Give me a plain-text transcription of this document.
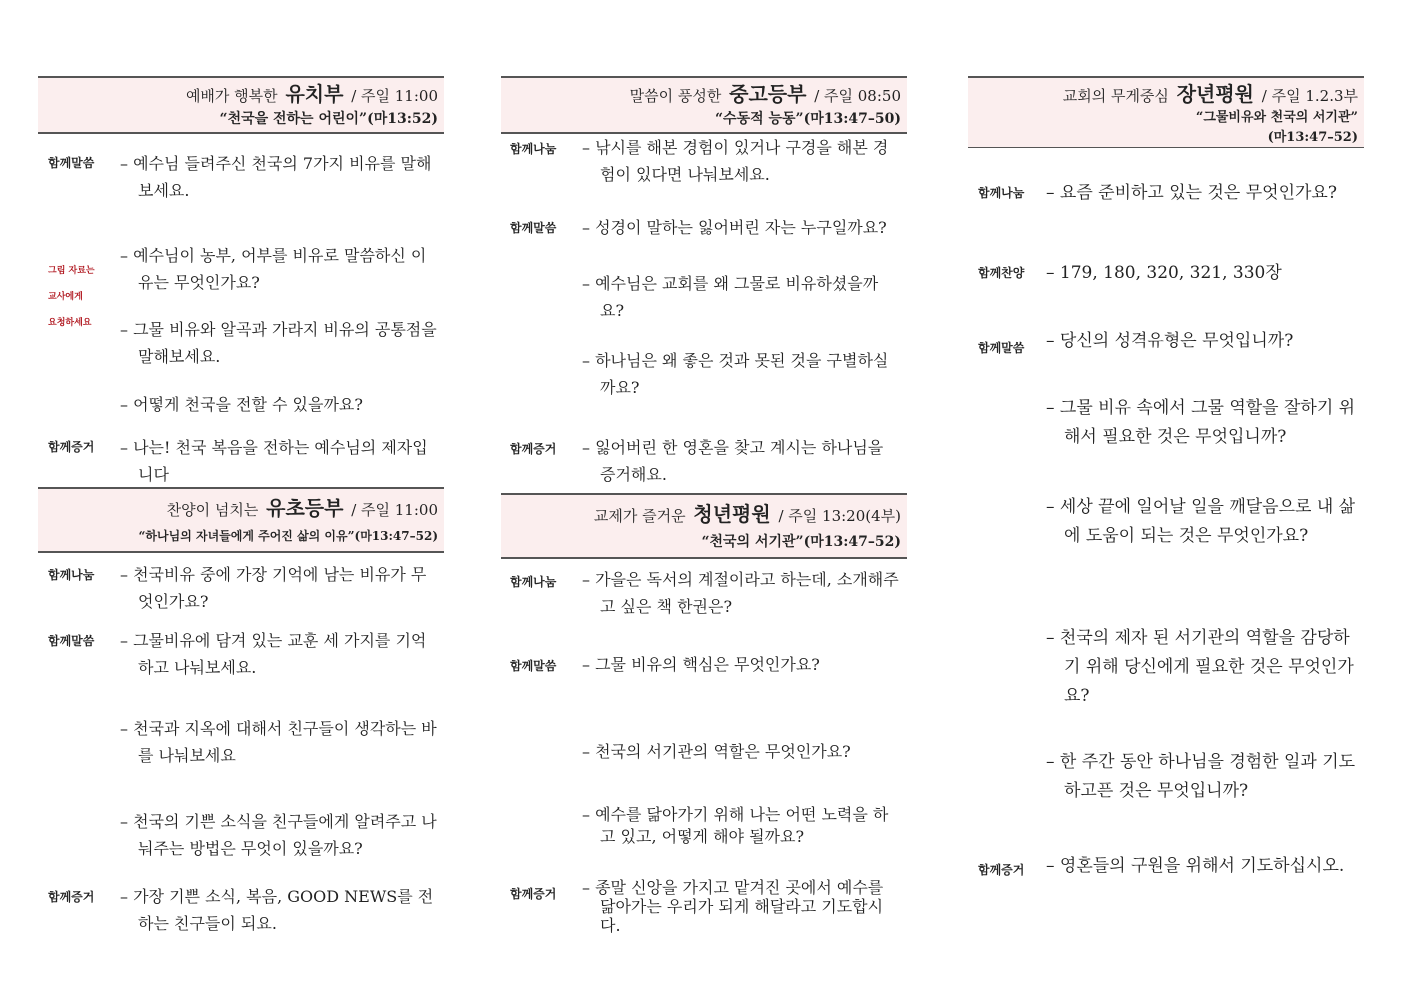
예배가 행복한 유치부 / 주일 11:00
“천국을 전하는 어린이”(마13:52)
함께말씀 – 예수님 들려주신 천국의 7가지 비유를 말해보세요.
그림 자료는
교사에게
요청하세요
– 예수님이 농부, 어부를 비유로 말씀하신 이유는 무엇인가요?
– 그물 비유와 알곡과 가라지 비유의 공통점을 말해보세요.
– 어떻게 천국을 전할 수 있을까요?
함께증거 – 나는! 천국 복음을 전하는 예수님의 제자입니다
찬양이 넘치는 유초등부 / 주일 11:00
“하나님의 자녀들에게 주어진 삶의 이유”(마13:47–52)
함께나눔 – 천국비유 중에 가장 기억에 남는 비유가 무엇인가요?
함께말씀 – 그물비유에 담겨 있는 교훈 세 가지를 기억하고 나눠보세요.
– 천국과 지옥에 대해서 친구들이 생각하는 바를 나눠보세요
– 천국의 기쁜 소식을 친구들에게 알려주고 나눠주는 방법은 무엇이 있을까요?
함께증거 – 가장 기쁜 소식, 복음, GOOD NEWS를 전하는 친구들이 되요.
말씀이 풍성한 중고등부 / 주일 08:50
“수동적 능동”(마13:47–50)
함께나눔 – 낚시를 해본 경험이 있거나 구경을 해본 경험이 있다면 나눠보세요.
함께말씀 – 성경이 말하는 잃어버린 자는 누구일까요?
– 예수님은 교회를 왜 그물로 비유하셨을까요?
– 하나님은 왜 좋은 것과 못된 것을 구별하실까요?
함께증거 – 잃어버린 한 영혼을 찾고 계시는 하나님을 증거해요.
교제가 즐거운 청년평원 / 주일 13:20(4부)
“천국의 서기관”(마13:47–52)
함께나눔 – 가을은 독서의 계절이라고 하는데, 소개해주고 싶은 책 한권은?
함께말씀 – 그물 비유의 핵심은 무엇인가요?
– 천국의 서기관의 역할은 무엇인가요?
– 예수를 닮아가기 위해 나는 어떤 노력을 하고 있고, 어떻게 해야 될까요?
함께증거 – 종말 신앙을 가지고 맡겨진 곳에서 예수를 닮아가는 우리가 되게 해달라고 기도합시다.
교회의 무게중심 장년평원 / 주일 1.2.3부
“그물비유와 천국의 서기관”
(마13:47–52)
함께나눔 – 요즘 준비하고 있는 것은 무엇인가요?
함께찬양 – 179, 180, 320, 321, 330장
함께말씀 – 당신의 성격유형은 무엇입니까?
– 그물 비유 속에서 그물 역할을 잘하기 위해서 필요한 것은 무엇입니까?
– 세상 끝에 일어날 일을 깨달음으로 내 삶에 도움이 되는 것은 무엇인가요?
– 천국의 제자 된 서기관의 역할을 감당하기 위해 당신에게 필요한 것은 무엇인가요?
– 한 주간 동안 하나님을 경험한 일과 기도하고픈 것은 무엇입니까?
함께증거 – 영혼들의 구원을 위해서 기도하십시오.
